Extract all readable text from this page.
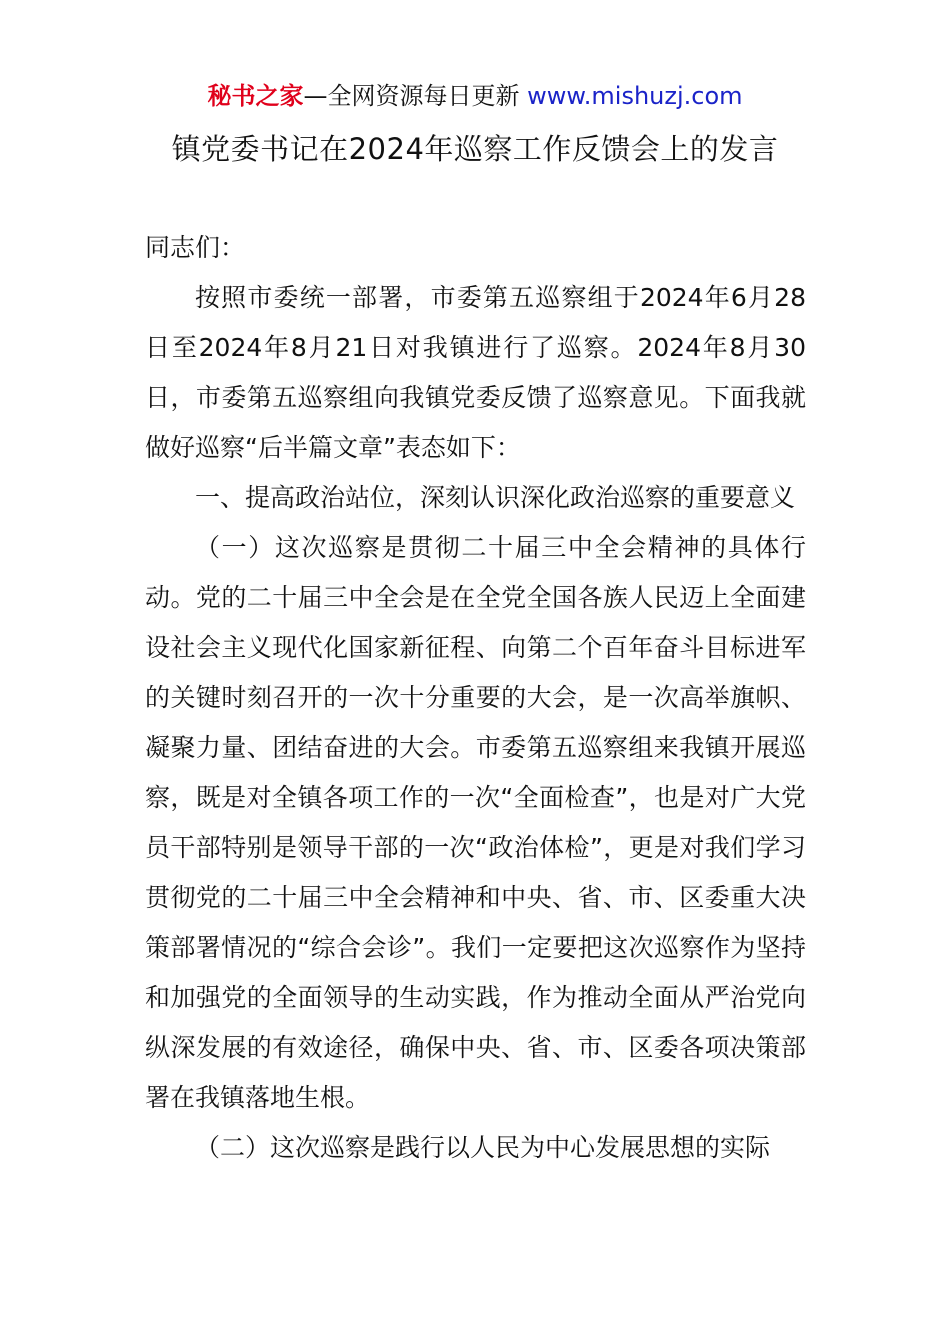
秘书之家—全网资源每日更新 www.mishuzj.com
镇党委书记在2024年巡察工作反馈会上的发言

同志们：

按照市委统一部署，市委第五巡察组于2024年6月28日至2024年8月21日对我镇进行了巡察。2024年8月30日，市委第五巡察组向我镇党委反馈了巡察意见。下面我就做好巡察“后半篇文章”表态如下：

一、提高政治站位，深刻认识深化政治巡察的重要意义

（一）这次巡察是贯彻二十届三中全会精神的具体行动。党的二十届三中全会是在全党全国各族人民迈上全面建设社会主义现代化国家新征程、向第二个百年奋斗目标进军的关键时刻召开的一次十分重要的大会，是一次高举旗帜、凝聚力量、团结奋进的大会。市委第五巡察组来我镇开展巡察，既是对全镇各项工作的一次“全面检查”，也是对广大党员干部特别是领导干部的一次“政治体检”，更是对我们学习贯彻党的二十届三中全会精神和中央、省、市、区委重大决策部署情况的“综合会诊”。我们一定要把这次巡察作为坚持和加强党的全面领导的生动实践，作为推动全面从严治党向纵深发展的有效途径，确保中央、省、市、区委各项决策部署在我镇落地生根。

（二）这次巡察是践行以人民为中心发展思想的实际
